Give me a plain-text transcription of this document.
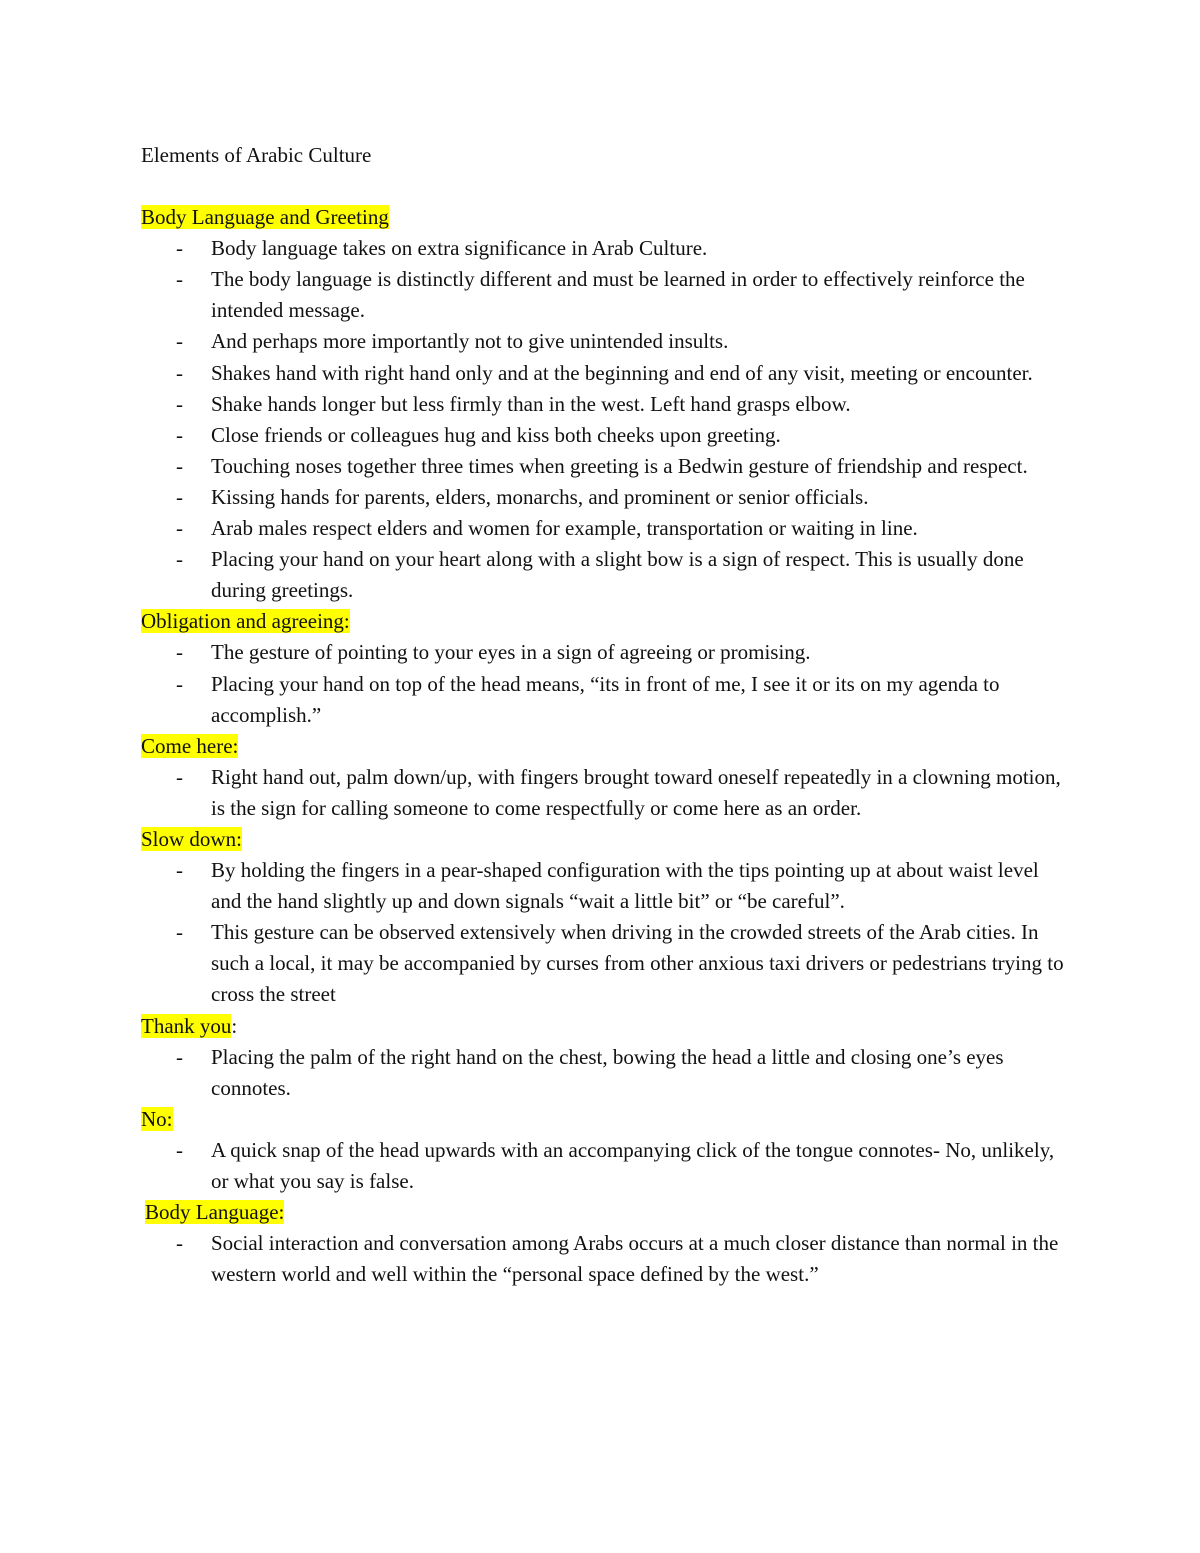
Elements of Arabic Culture
Body Language and Greeting
- Body language takes on extra significance in Arab Culture.
- The body language is distinctly different and must be learned in order to effectively reinforce the intended message.
- And perhaps more importantly not to give unintended insults.
- Shakes hand with right hand only and at the beginning and end of any visit, meeting or encounter.
- Shake hands longer but less firmly than in the west. Left hand grasps elbow.
- Close friends or colleagues hug and kiss both cheeks upon greeting.
- Touching noses together three times when greeting is a Bedwin gesture of friendship and respect.
- Kissing hands for parents, elders, monarchs, and prominent or senior officials.
- Arab males respect elders and women for example, transportation or waiting in line.
- Placing your hand on your heart along with a slight bow is a sign of respect. This is usually done during greetings.
Obligation and agreeing:
- The gesture of pointing to your eyes in a sign of agreeing or promising.
- Placing your hand on top of the head means, “its in front of me, I see it or its on my agenda to accomplish.”
Come here:
- Right hand out, palm down/up, with fingers brought toward oneself repeatedly in a clowning motion, is the sign for calling someone to come respectfully or come here as an order.
Slow down:
- By holding the fingers in a pear-shaped configuration with the tips pointing up at about waist level and the hand slightly up and down signals “wait a little bit” or “be careful”.
- This gesture can be observed extensively when driving in the crowded streets of the Arab cities. In such a local, it may be accompanied by curses from other anxious taxi drivers or pedestrians trying to cross the street
Thank you:
- Placing the palm of the right hand on the chest, bowing the head a little and closing one’s eyes connotes.
No:
- A quick snap of the head upwards with an accompanying click of the tongue connotes- No, unlikely, or what you say is false.
Body Language:
- Social interaction and conversation among Arabs occurs at a much closer distance than normal in the western world and well within the “personal space defined by the west.”
